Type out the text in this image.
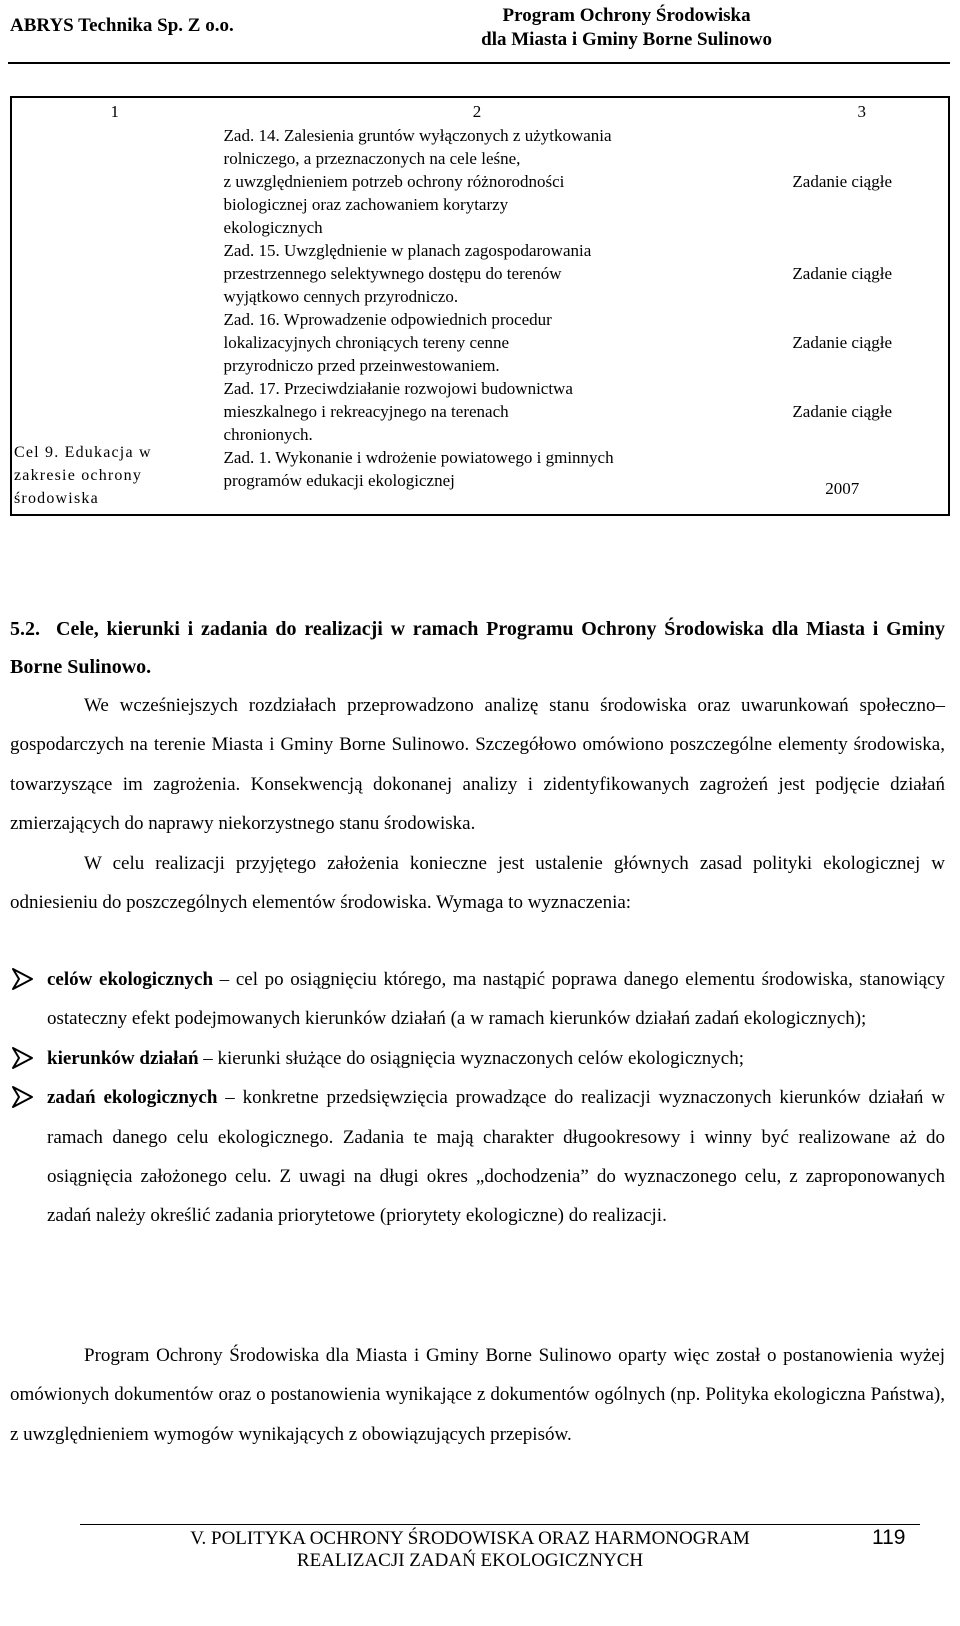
ABRYS Technika Sp. Z o.o.	Program Ochrony Środowiska
dla Miasta i Gminy Borne Sulinowo
1	2	3
Cel 9. Edukacja w zakresie ochrony środowiska	Zad. 14. Zalesienia gruntów wyłączonych z użytkowania
rolniczego, a przeznaczonych na cele leśne,
z uwzględnieniem potrzeb ochrony różnorodności
biologicznej oraz zachowaniem korytarzy
ekologicznych	Zadanie ciągłe

	Zad. 15. Uwzględnienie w planach zagospodarowania
przestrzennego selektywnego dostępu do terenów
wyjątkowo cennych przyrodniczo.	Zadanie ciągłe

	Zad. 16. Wprowadzenie odpowiednich procedur
lokalizacyjnych chroniących tereny cenne
przyrodniczo przed przeinwestowaniem.	Zadanie ciągłe

	Zad. 17. Przeciwdziałanie rozwojowi budownictwa
mieszkalnego i rekreacyjnego na terenach
chronionych.	Zadanie ciągłe

	Zad. 1. Wykonanie i wdrożenie powiatowego i gminnych
programów edukacji ekologicznej	2007
5.2. Cele, kierunki i zadania do realizacji w ramach Programu Ochrony Środowiska dla Miasta i Gminy Borne Sulinowo.

We wcześniejszych rozdziałach przeprowadzono analizę stanu środowiska oraz uwarunkowań społeczno–gospodarczych na terenie Miasta i Gminy Borne Sulinowo. Szczegółowo omówiono poszczególne elementy środowiska, towarzyszące im zagrożenia. Konsekwencją dokonanej analizy i zidentyfikowanych zagrożeń jest podjęcie działań zmierzających do naprawy niekorzystnego stanu środowiska.

W celu realizacji przyjętego założenia konieczne jest ustalenie głównych zasad polityki ekologicznej w odniesieniu do poszczególnych elementów środowiska. Wymaga to wyznaczenia:

celów ekologicznych – cel po osiągnięciu którego, ma nastąpić poprawa danego elementu środowiska, stanowiący ostateczny efekt podejmowanych kierunków działań (a w ramach kierunków działań zadań ekologicznych);
kierunków działań – kierunki służące do osiągnięcia wyznaczonych celów ekologicznych;
zadań ekologicznych – konkretne przedsięwzięcia prowadzące do realizacji wyznaczonych kierunków działań w ramach danego celu ekologicznego. Zadania te mają charakter długookresowy i winny być realizowane aż do osiągnięcia założonego celu. Z uwagi na długi okres „dochodzenia” do wyznaczonego celu, z zaproponowanych zadań należy określić zadania priorytetowe (priorytety ekologiczne) do realizacji.

Program Ochrony Środowiska dla Miasta i Gminy Borne Sulinowo oparty więc został o postanowienia wyżej omówionych dokumentów oraz o postanowienia wynikające z dokumentów ogólnych (np. Polityka ekologiczna Państwa), z uwzględnieniem wymogów wynikających z obowiązujących przepisów.

V. POLITYKA OCHRONY ŚRODOWISKA ORAZ HARMONOGRAM
REALIZACJI ZADAŃ EKOLOGICZNYCH
119
